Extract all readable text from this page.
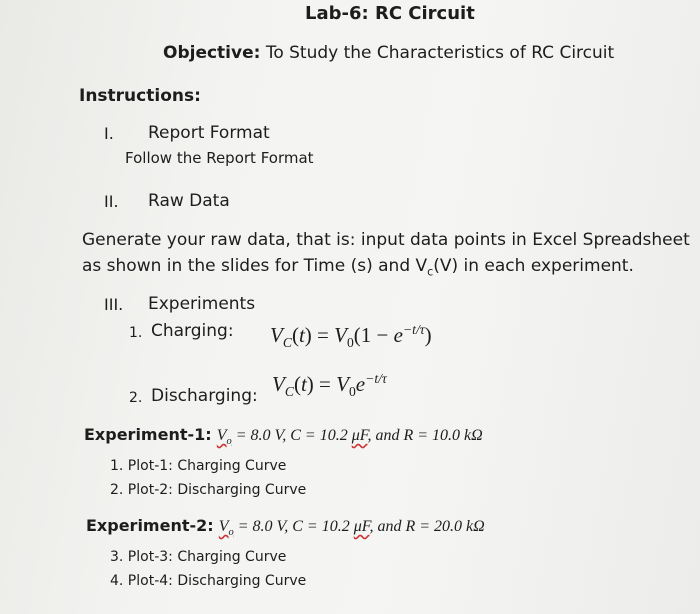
Lab-6: RC Circuit
Objective: To Study the Characteristics of RC Circuit
Instructions:
I. Report Format
Follow the Report Format
II. Raw Data
Generate your raw data, that is: input data points in Excel Spreadsheet
as shown in the slides for Time (s) and $V_c(V)$ in each experiment.
III. Experiments
1. Charging: $V_C(t) = V_0(1 - e^{-t/\tau})$
2. Discharging: $V_C(t) = V_0e^{-t/\tau}$
Experiment-1: $V_o = 8.0$ V, C = 10.2 μF, and R = 10.0 kΩ
1. Plot-1: Charging Curve
2. Plot-2: Discharging Curve
Experiment-2: $V_o = 8.0$ V, C = 10.2 μF, and R = 20.0 kΩ
3. Plot-3: Charging Curve
4. Plot-4: Discharging Curve
